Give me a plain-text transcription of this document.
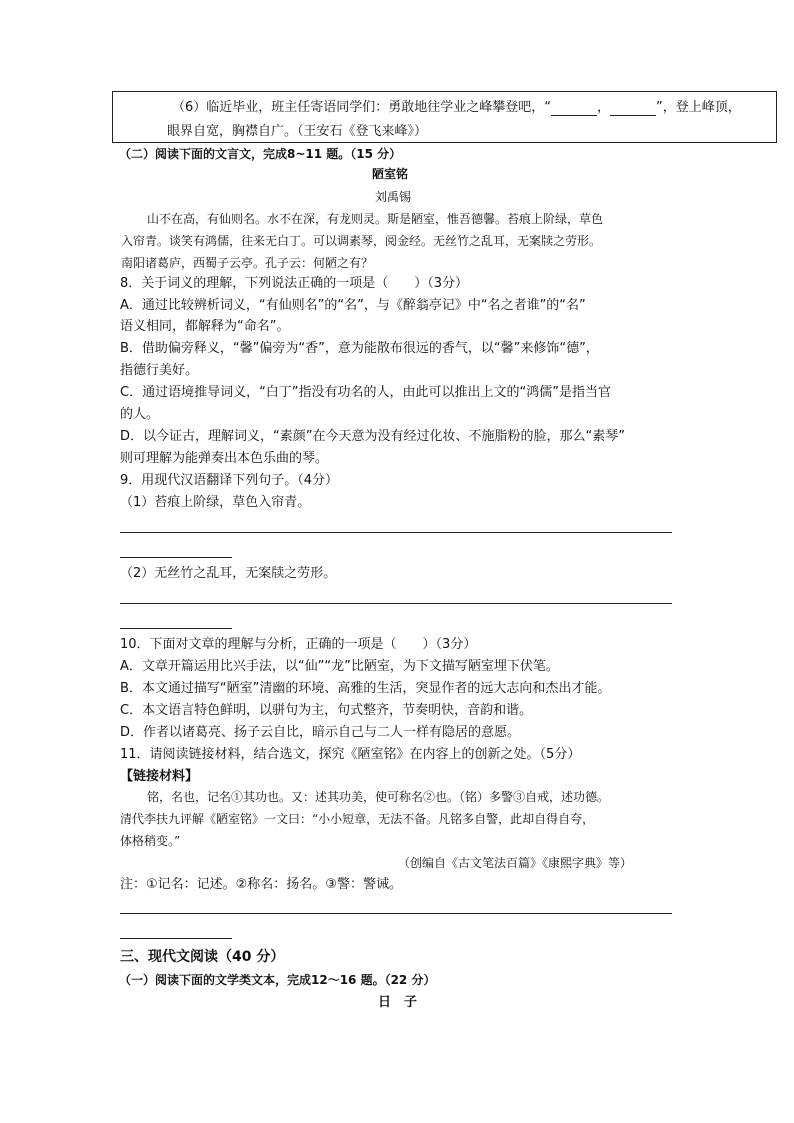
（6）临近毕业，班主任寄语同学们：勇敢地往学业之峰攀登吧，“	，	”，登上峰顶，
眼界自宽，胸襟自广。（王安石《登飞来峰》）
（二）阅读下面的文言文，完成8~11 题。（15 分）
陋室铭
刘禹锡
山不在高，有仙则名。水不在深，有龙则灵。斯是陋室，惟吾德馨。苔痕上阶绿，草色
入帘青。谈笑有鸿儒，往来无白丁。可以调素琴，阅金经。无丝竹之乱耳，无案牍之劳形。
南阳诸葛庐，西蜀子云亭。孔子云：何陋之有？
8．关于词义的理解，下列说法正确的一项是（　　）（3分）
A．通过比较辨析词义，“有仙则名”的“名”，与《醉翁亭记》中“名之者谁”的“名”
语义相同，都解释为“命名”。
B．借助偏旁释义，“馨”偏旁为“香”，意为能散布很远的香气，以“馨”来修饰“德”，
指德行美好。
C．通过语境推导词义，“白丁”指没有功名的人，由此可以推出上文的“鸿儒”是指当官
的人。
D．以今证古，理解词义，“素颜”在今天意为没有经过化妆、不施脂粉的脸，那么“素琴”
则可理解为能弹奏出本色乐曲的琴。
9．用现代汉语翻译下列句子。（4分）
（1）苔痕上阶绿，草色入帘青。
（2）无丝竹之乱耳，无案牍之劳形。
10．下面对文章的理解与分析，正确的一项是（　　）（3分）
A．文章开篇运用比兴手法，以“仙”“龙”比陋室，为下文描写陋室埋下伏笔。
B．本文通过描写“陋室”清幽的环境、高雅的生活，突显作者的远大志向和杰出才能。
C．本文语言特色鲜明，以骈句为主，句式整齐，节奏明快，音韵和谐。
D．作者以诸葛亮、扬子云自比，暗示自己与二人一样有隐居的意愿。
11．请阅读链接材料，结合选文，探究《陋室铭》在内容上的创新之处。（5分）
【链接材料】
铭，名也，记名①其功也。又：述其功美，使可称名②也。（铭）多警③自戒，述功德。
清代李扶九评解《陋室铭》一文曰：“小小短章，无法不备。凡铭多自警，此却自得自夸，
体格稍变。”
（创编自《古文笔法百篇》《康熙字典》等）
注：①记名：记述。②称名：扬名。③警：警诫。
三、现代文阅读（40 分）
（一）阅读下面的文学类文本，完成12～16 题。（22 分）
日　子
